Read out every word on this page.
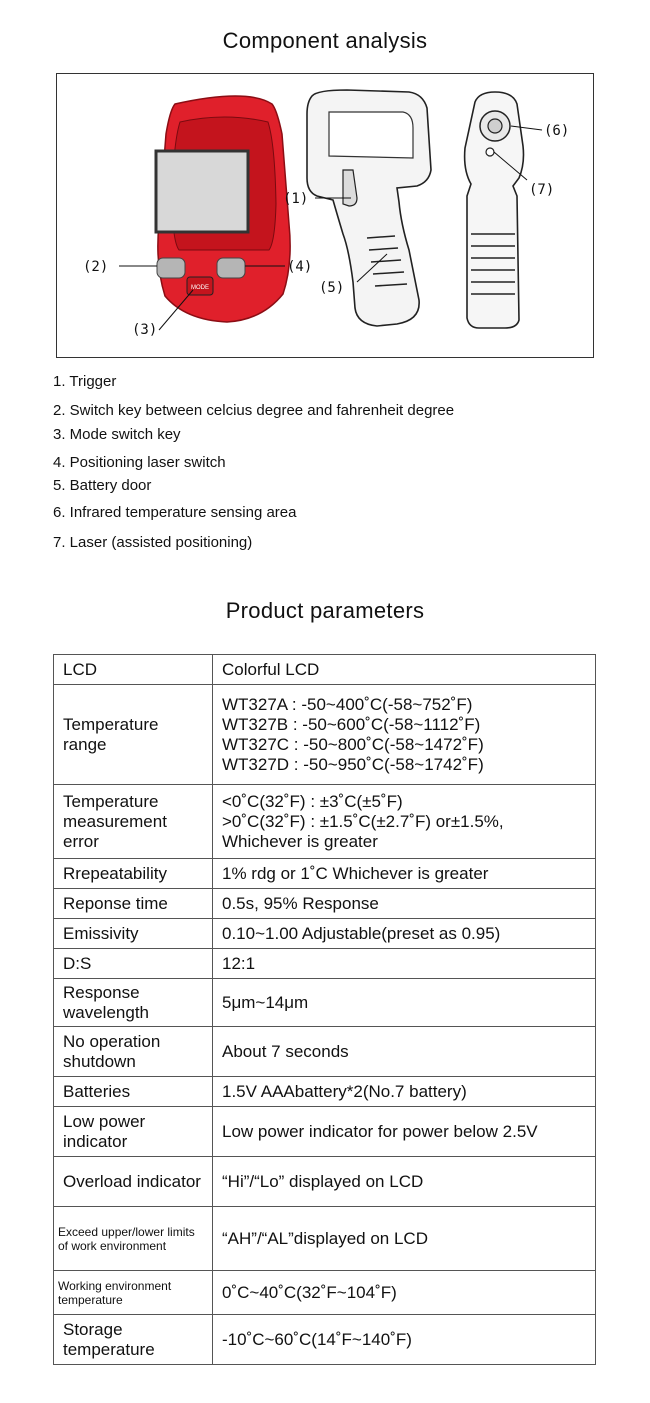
Component analysis
MODE
(1)
(2)	(4)
(3)
(5)
(6)
(7)
1. Trigger
2. Switch key between celcius degree and fahrenheit degree
3. Mode switch key
4. Positioning laser switch
5. Battery door
6. Infrared temperature sensing area
7. Laser (assisted positioning)
Product parameters
LCD	Colorful LCD
Temperature range	WT327A : -50~400˚C(-58~752˚F)
WT327B : -50~600˚C(-58~1112˚F)
WT327C : -50~800˚C(-58~1472˚F)
WT327D : -50~950˚C(-58~1742˚F)

Temperature measurement error	<0˚C(32˚F) : ±3˚C(±5˚F)
>0˚C(32˚F) : ±1.5˚C(±2.7˚F) or±1.5%,
Whichever is greater

Rrepeatability	1% rdg or 1˚C Whichever is greater
Reponse time	0.5s, 95% Response
Emissivity	0.10~1.00 Adjustable(preset as 0.95)
D:S	12:1
Response wavelength	5μm~14μm
No operation shutdown	About 7 seconds
Batteries	1.5V AAAbattery*2(No.7 battery)
Low power indicator	Low power indicator for power below 2.5V
Overload indicator	“Hi”/“Lo” displayed on LCD
Exceed upper/lower limits of work environment	“AH”/“AL”displayed on LCD
Working environment temperature	0˚C~40˚C(32˚F~104˚F)
Storage temperature	-10˚C~60˚C(14˚F~140˚F)
